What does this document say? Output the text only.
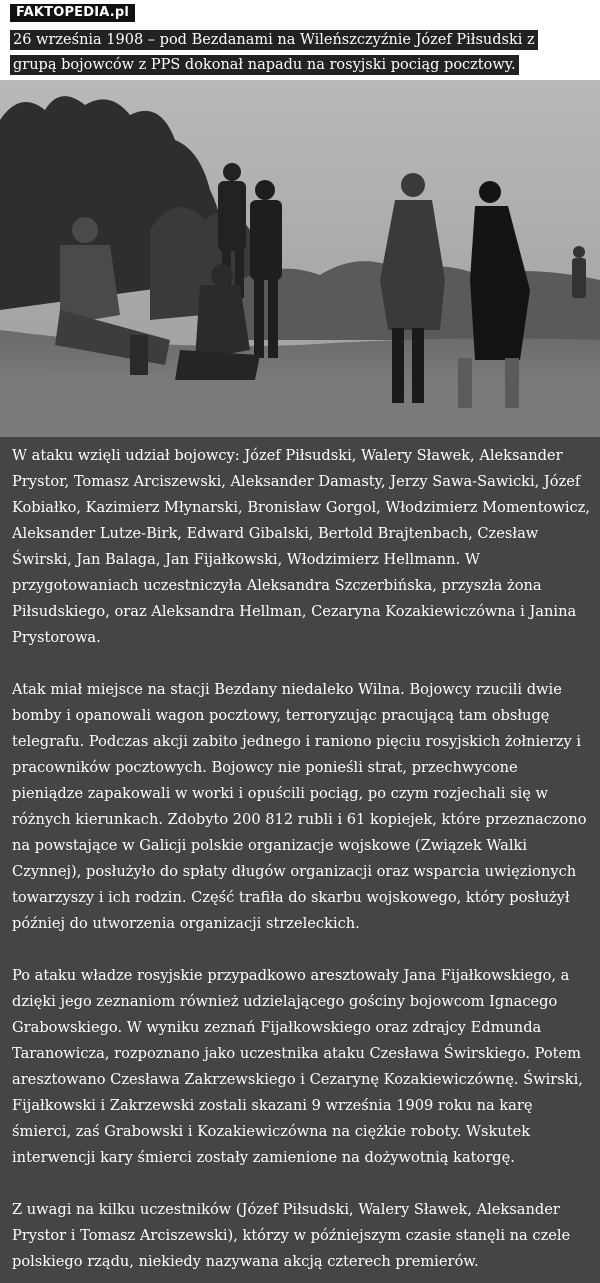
FAKTOPEDIA.pl
26 września 1908 – pod Bezdanami na Wileńszczyźnie Józef Piłsudski z grupą bojowców z PPS dokonał napadu na rosyjski pociąg pocztowy.

W ataku wzięli udział bojowcy: Józef Piłsudski, Walery Sławek, Aleksander Prystor, Tomasz Arciszewski, Aleksander Damasty, Jerzy Sawa-Sawicki, Józef Kobiałko, Kazimierz Młynarski, Bronisław Gorgol, Włodzimierz Momentowicz, Aleksander Lutze-Birk, Edward Gibalski, Bertold Brajtenbach, Czesław Świrski, Jan Balaga, Jan Fijałkowski, Włodzimierz Hellmann. W przygotowaniach uczestniczyła Aleksandra Szczerbińska, przyszła żona Piłsudskiego, oraz Aleksandra Hellman, Cezaryna Kozakiewiczówna i Janina Prystorowa.

Atak miał miejsce na stacji Bezdany niedaleko Wilna. Bojowcy rzucili dwie bomby i opanowali wagon pocztowy, terroryzując pracującą tam obsługę telegrafu. Podczas akcji zabito jednego i raniono pięciu rosyjskich żołnierzy i pracowników pocztowych. Bojowcy nie ponieśli strat, przechwycone pieniądze zapakowali w worki i opuścili pociąg, po czym rozjechali się w różnych kierunkach. Zdobyto 200 812 rubli i 61 kopiejek, które przeznaczono na powstające w Galicji polskie organizacje wojskowe (Związek Walki Czynnej), posłużyło do spłaty długów organizacji oraz wsparcia uwięzionych towarzyszy i ich rodzin. Część trafiła do skarbu wojskowego, który posłużył później do utworzenia organizacji strzeleckich.

Po ataku władze rosyjskie przypadkowo aresztowały Jana Fijałkowskiego, a dzięki jego zeznaniom również udzielającego gościny bojowcom Ignacego Grabowskiego. W wyniku zeznań Fijałkowskiego oraz zdrajcy Edmunda Taranowicza, rozpoznano jako uczestnika ataku Czesława Świrskiego. Potem aresztowano Czesława Zakrzewskiego i Cezarynę Kozakiewiczównę. Świrski, Fijałkowski i Zakrzewski zostali skazani 9 września 1909 roku na karę śmierci, zaś Grabowski i Kozakiewiczówna na ciężkie roboty. Wskutek interwencji kary śmierci zostały zamienione na dożywotnią katorgę.

Z uwagi na kilku uczestników (Józef Piłsudski, Walery Sławek, Aleksander Prystor i Tomasz Arciszewski), którzy w późniejszym czasie stanęli na czele polskiego rządu, niekiedy nazywana akcją czterech premierów.
